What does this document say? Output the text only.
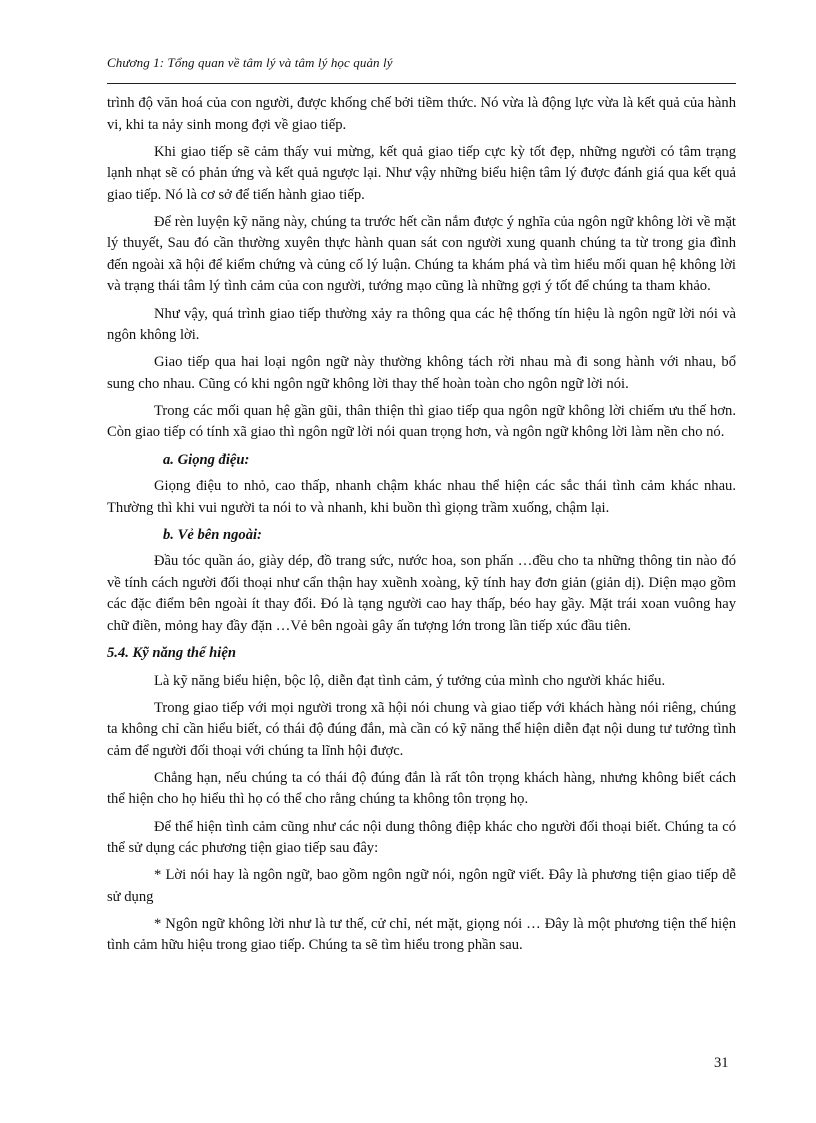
Chương 1: Tổng quan về tâm lý và tâm lý học quản lý

trình độ văn hoá của con người, được khống chế bởi tiềm thức. Nó vừa là động lực vừa là kết quả của hành vi, khi ta nảy sinh mong đợi về giao tiếp.

Khi giao tiếp sẽ cảm thấy vui mừng, kết quả giao tiếp cực kỳ tốt đẹp, những người có tâm trạng lạnh nhạt sẽ có phản ứng và kết quả ngược lại. Như vậy những biểu hiện tâm lý được đánh giá qua kết quả giao tiếp. Nó là cơ sở để tiến hành giao tiếp.

Để rèn luyện kỹ năng này, chúng ta trước hết cần nắm được ý nghĩa của ngôn ngữ không lời về mặt lý thuyết, Sau đó cần thường xuyên thực hành quan sát con người xung quanh chúng ta từ trong gia đình đến ngoài xã hội để kiểm chứng và củng cố lý luận. Chúng ta khám phá và tìm hiểu mối quan hệ không lời và trạng thái tâm lý tình cảm của con người, tướng mạo cũng là những gợi ý tốt để chúng ta tham khảo.

Như vậy, quá trình giao tiếp thường xảy ra thông qua các hệ thống tín hiệu là ngôn ngữ lời nói và ngôn không lời.

Giao tiếp qua hai loại ngôn ngữ này thường không tách rời nhau mà đi song hành với nhau, bổ sung cho nhau. Cũng có khi ngôn ngữ không lời thay thế hoàn toàn cho ngôn ngữ lời nói.

Trong các mối quan hệ gần gũi, thân thiện thì giao tiếp qua ngôn ngữ không lời chiếm ưu thế hơn. Còn giao tiếp có tính xã giao thì ngôn ngữ lời nói quan trọng hơn, và ngôn ngữ không lời làm nền cho nó.

a. Giọng điệu:

Giọng điệu to nhỏ, cao thấp, nhanh chậm khác nhau thể hiện các sắc thái tình cảm khác nhau. Thường thì khi vui người ta nói to và nhanh, khi buồn thì giọng trầm xuống, chậm lại.

b. Vẻ bên ngoài:

Đầu tóc quần áo, giày dép, đồ trang sức, nước hoa, son phấn …đều cho ta những thông tin nào đó về tính cách người đối thoại như cẩn thận hay xuềnh xoàng, kỹ tính hay đơn giản (giản dị). Diện mạo gồm các đặc điểm bên ngoài ít thay đổi. Đó là tạng người cao hay thấp, béo hay gầy. Mặt trái xoan vuông hay chữ điền, mỏng hay đầy đặn …Vẻ bên ngoài gây ấn tượng lớn trong lần tiếp xúc đầu tiên.

5.4. Kỹ năng thể hiện

Là kỹ năng biểu hiện, bộc lộ, diễn đạt tình cảm, ý tưởng của mình cho người khác hiểu.

Trong giao tiếp với mọi người trong xã hội nói chung và giao tiếp với khách hàng nói riêng, chúng ta không chỉ cần hiểu biết, có thái độ đúng đắn, mà cần có kỹ năng thể hiện diễn đạt nội dung tư tưởng tình cảm để người đối thoại với chúng ta lĩnh hội được.

Chẳng hạn, nếu chúng ta có thái độ đúng đắn là rất tôn trọng khách hàng, nhưng không biết cách thể hiện cho họ hiểu thì họ có thể cho rằng chúng ta không tôn trọng họ.

Để thể hiện tình cảm cũng như các nội dung thông điệp khác cho người đối thoại biết. Chúng ta có thể sử dụng các phương tiện giao tiếp sau đây:

* Lời nói hay là ngôn ngữ, bao gồm ngôn ngữ nói, ngôn ngữ viết. Đây là phương tiện giao tiếp dễ sử dụng

* Ngôn ngữ không lời như là tư thế, cử chỉ, nét mặt, giọng nói … Đây là một phương tiện thể hiện tình cảm hữu hiệu trong giao tiếp. Chúng ta sẽ tìm hiểu trong phần sau.

31
